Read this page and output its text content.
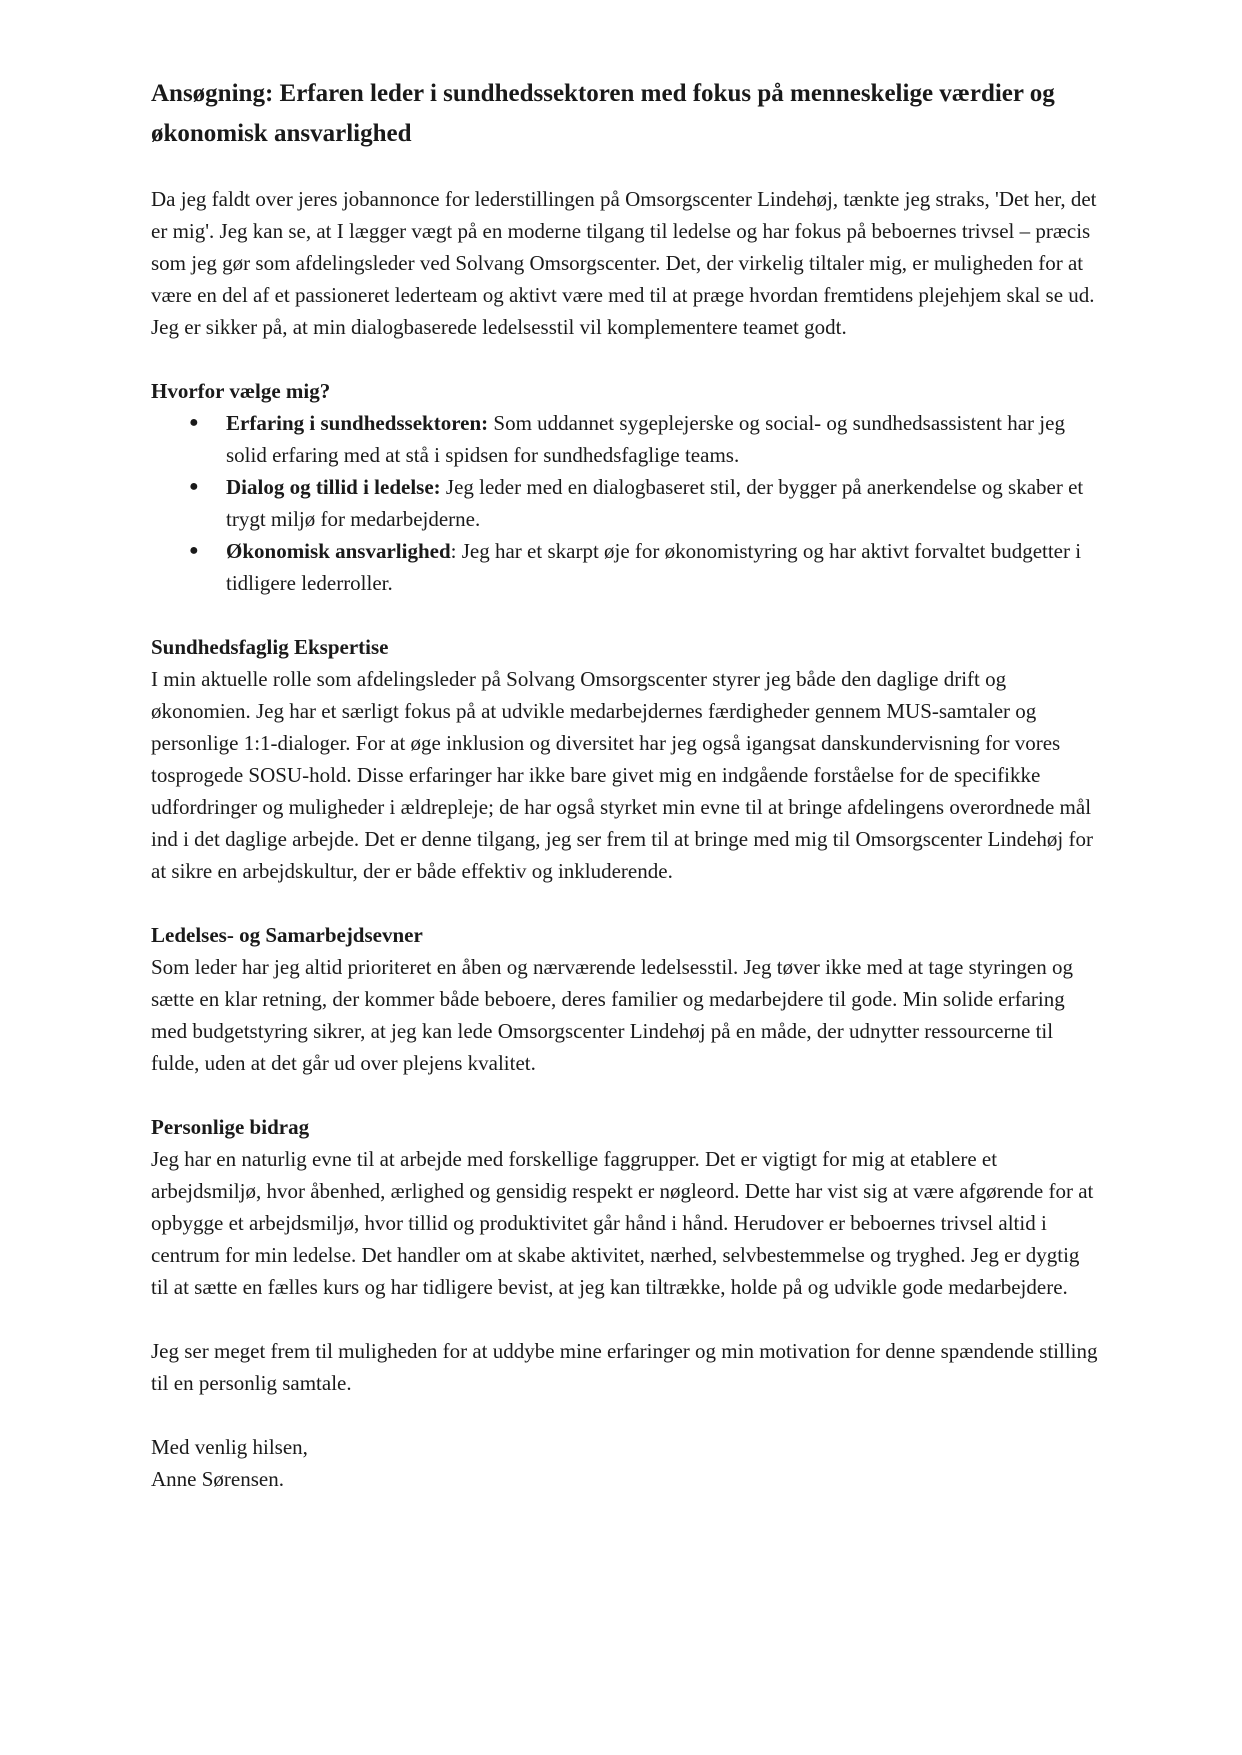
Ansøgning: Erfaren leder i sundhedssektoren med fokus på menneskelige værdier og økonomisk ansvarlighed

Da jeg faldt over jeres jobannonce for lederstillingen på Omsorgscenter Lindehøj, tænkte jeg straks, 'Det her, det er mig'. Jeg kan se, at I lægger vægt på en moderne tilgang til ledelse og har fokus på beboernes trivsel – præcis som jeg gør som afdelingsleder ved Solvang Omsorgscenter. Det, der virkelig tiltaler mig, er muligheden for at være en del af et passioneret lederteam og aktivt være med til at præge hvordan fremtidens plejehjem skal se ud. Jeg er sikker på, at min dialogbaserede ledelsesstil vil komplementere teamet godt.

Hvorfor vælge mig?

● Erfaring i sundhedssektoren: Som uddannet sygeplejerske og social- og sundhedsassistent har jeg solid erfaring med at stå i spidsen for sundhedsfaglige teams.
● Dialog og tillid i ledelse: Jeg leder med en dialogbaseret stil, der bygger på anerkendelse og skaber et trygt miljø for medarbejderne.
● Økonomisk ansvarlighed: Jeg har et skarpt øje for økonomistyring og har aktivt forvaltet budgetter i tidligere lederroller.

Sundhedsfaglig Ekspertise

I min aktuelle rolle som afdelingsleder på Solvang Omsorgscenter styrer jeg både den daglige drift og økonomien. Jeg har et særligt fokus på at udvikle medarbejdernes færdigheder gennem MUS-samtaler og personlige 1:1-dialoger. For at øge inklusion og diversitet har jeg også igangsat danskundervisning for vores tosprogede SOSU-hold. Disse erfaringer har ikke bare givet mig en indgående forståelse for de specifikke udfordringer og muligheder i ældrepleje; de har også styrket min evne til at bringe afdelingens overordnede mål ind i det daglige arbejde. Det er denne tilgang, jeg ser frem til at bringe med mig til Omsorgscenter Lindehøj for at sikre en arbejdskultur, der er både effektiv og inkluderende.

Ledelses- og Samarbejdsevner

Som leder har jeg altid prioriteret en åben og nærværende ledelsesstil. Jeg tøver ikke med at tage styringen og sætte en klar retning, der kommer både beboere, deres familier og medarbejdere til gode. Min solide erfaring med budgetstyring sikrer, at jeg kan lede Omsorgscenter Lindehøj på en måde, der udnytter ressourcerne til fulde, uden at det går ud over plejens kvalitet.

Personlige bidrag

Jeg har en naturlig evne til at arbejde med forskellige faggrupper. Det er vigtigt for mig at etablere et arbejdsmiljø, hvor åbenhed, ærlighed og gensidig respekt er nøgleord. Dette har vist sig at være afgørende for at opbygge et arbejdsmiljø, hvor tillid og produktivitet går hånd i hånd. Herudover er beboernes trivsel altid i centrum for min ledelse. Det handler om at skabe aktivitet, nærhed, selvbestemmelse og tryghed. Jeg er dygtig til at sætte en fælles kurs og har tidligere bevist, at jeg kan tiltrække, holde på og udvikle gode medarbejdere.

Jeg ser meget frem til muligheden for at uddybe mine erfaringer og min motivation for denne spændende stilling til en personlig samtale.

Med venlig hilsen,

Anne Sørensen.
